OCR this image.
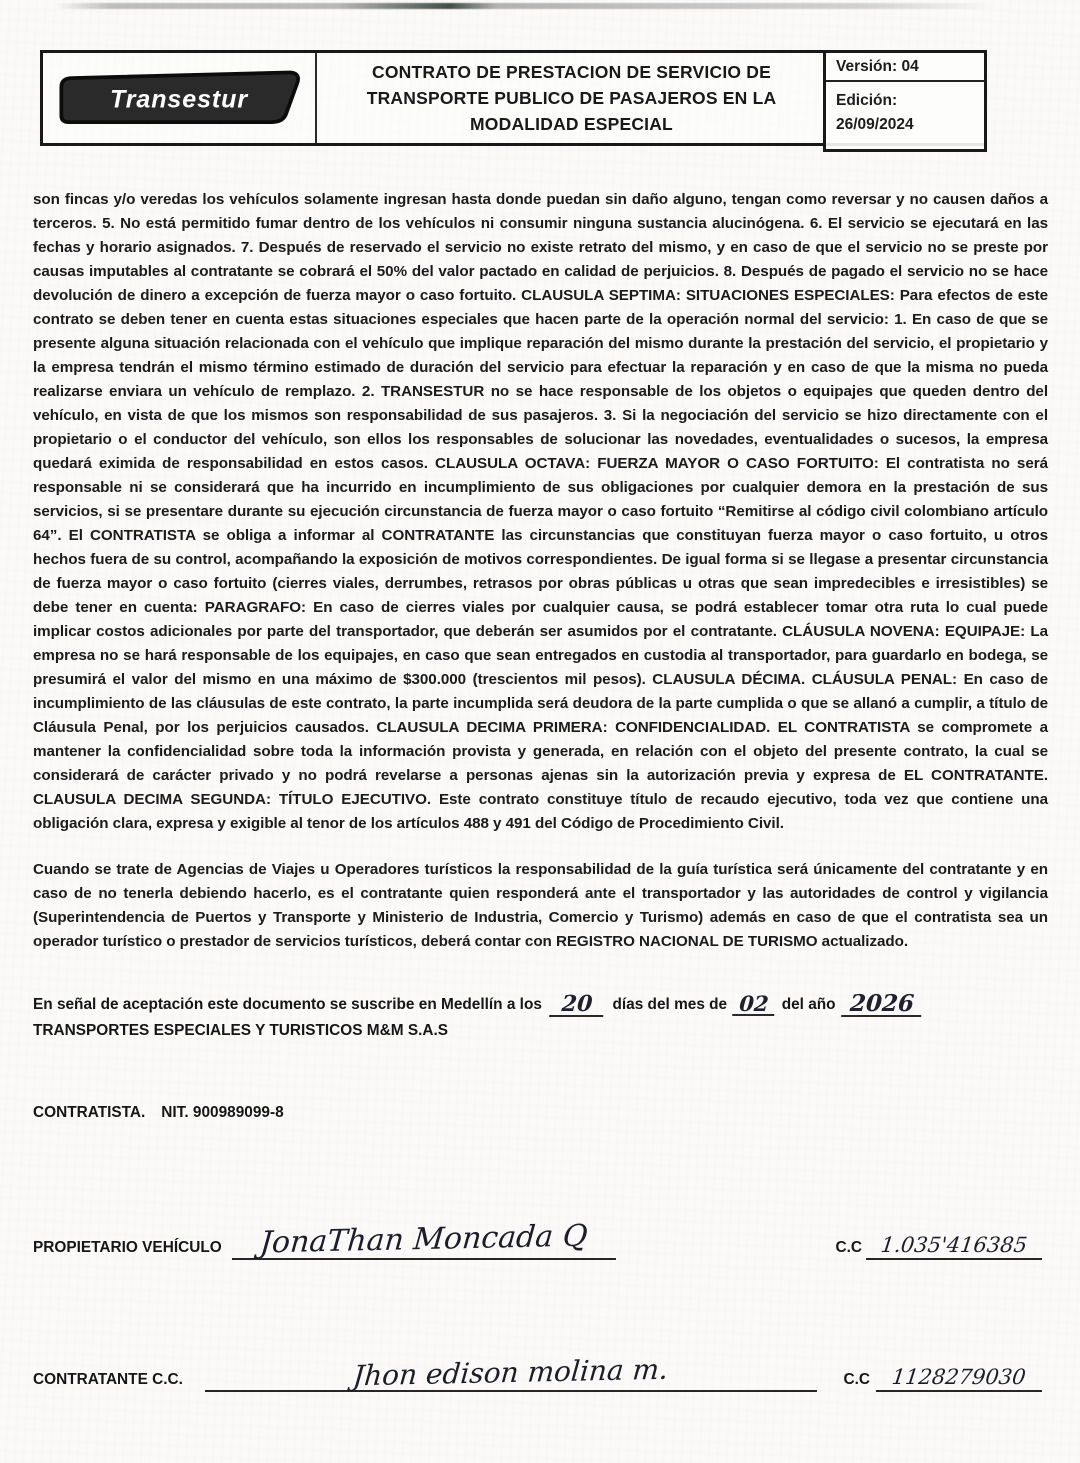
Transestur
CONTRATO DE PRESTACION DE SERVICIO DE
TRANSPORTE PUBLICO DE PASAJEROS EN LA
MODALIDAD ESPECIAL
Versión: 04
Edición:
26/09/2024
son fincas y/o veredas los vehículos solamente ingresan hasta donde puedan sin daño alguno, tengan como reversar y no causen daños a terceros. 5. No está permitido fumar dentro de los vehículos ni consumir ninguna sustancia alucinógena. 6. El servicio se ejecutará en las fechas y horario asignados. 7. Después de reservado el servicio no existe retrato del mismo, y en caso de que el servicio no se preste por causas imputables al contratante se cobrará el 50% del valor pactado en calidad de perjuicios. 8. Después de pagado el servicio no se hace devolución de dinero a excepción de fuerza mayor o caso fortuito. CLAUSULA SEPTIMA: SITUACIONES ESPECIALES: Para efectos de este contrato se deben tener en cuenta estas situaciones especiales que hacen parte de la operación normal del servicio: 1. En caso de que se presente alguna situación relacionada con el vehículo que implique reparación del mismo durante la prestación del servicio, el propietario y la empresa tendrán el mismo término estimado de duración del servicio para efectuar la reparación y en caso de que la misma no pueda realizarse enviara un vehículo de remplazo. 2. TRANSESTUR no se hace responsable de los objetos o equipajes que queden dentro del vehículo, en vista de que los mismos son responsabilidad de sus pasajeros. 3. Si la negociación del servicio se hizo directamente con el propietario o el conductor del vehículo, son ellos los responsables de solucionar las novedades, eventualidades o sucesos, la empresa quedará eximida de responsabilidad en estos casos. CLAUSULA OCTAVA: FUERZA MAYOR O CASO FORTUITO: El contratista no será responsable ni se considerará que ha incurrido en incumplimiento de sus obligaciones por cualquier demora en la prestación de sus servicios, si se presentare durante su ejecución circunstancia de fuerza mayor o caso fortuito “Remitirse al código civil colombiano artículo 64”. El CONTRATISTA se obliga a informar al CONTRATANTE las circunstancias que constituyan fuerza mayor o caso fortuito, u otros hechos fuera de su control, acompañando la exposición de motivos correspondientes. De igual forma si se llegase a presentar circunstancia de fuerza mayor o caso fortuito (cierres viales, derrumbes, retrasos por obras públicas u otras que sean impredecibles e irresistibles) se debe tener en cuenta: PARAGRAFO: En caso de cierres viales por cualquier causa, se podrá establecer tomar otra ruta lo cual puede implicar costos adicionales por parte del transportador, que deberán ser asumidos por el contratante. CLÁUSULA NOVENA: EQUIPAJE: La empresa no se hará responsable de los equipajes, en caso que sean entregados en custodia al transportador, para guardarlo en bodega, se presumirá el valor del mismo en una máximo de $300.000 (trescientos mil pesos). CLAUSULA DÉCIMA. CLÁUSULA PENAL: En caso de incumplimiento de las cláusulas de este contrato, la parte incumplida será deudora de la parte cumplida o que se allanó a cumplir, a título de Cláusula Penal, por los perjuicios causados. CLAUSULA DECIMA PRIMERA: CONFIDENCIALIDAD. EL CONTRATISTA se compromete a mantener la confidencialidad sobre toda la información provista y generada, en relación con el objeto del presente contrato, la cual se considerará de carácter privado y no podrá revelarse a personas ajenas sin la autorización previa y expresa de EL CONTRATANTE. CLAUSULA DECIMA SEGUNDA: TÍTULO EJECUTIVO. Este contrato constituye título de recaudo ejecutivo, toda vez que contiene una obligación clara, expresa y exigible al tenor de los artículos 488 y 491 del Código de Procedimiento Civil.
Cuando se trate de Agencias de Viajes u Operadores turísticos la responsabilidad de la guía turística será únicamente del contratante y en caso de no tenerla debiendo hacerlo, es el contratante quien responderá ante el transportador y las autoridades de control y vigilancia (Superintendencia de Puertos y Transporte y Ministerio de Industria, Comercio y Turismo) además en caso de que el contratista sea un operador turístico o prestador de servicios turísticos, deberá contar con REGISTRO NACIONAL DE TURISMO actualizado.
En señal de aceptación este documento se suscribe en Medellín a los 20 días del mes de 02 del año 2026
TRANSPORTES ESPECIALES Y TURISTICOS M&M S.A.S
CONTRATISTA. NIT. 900989099-8
PROPIETARIO VEHÍCULO	JonaThan Moncada Q	C.C 1.035'416385
CONTRATANTE C.C.	Jhon edison molina m.	C.C 1128279030
